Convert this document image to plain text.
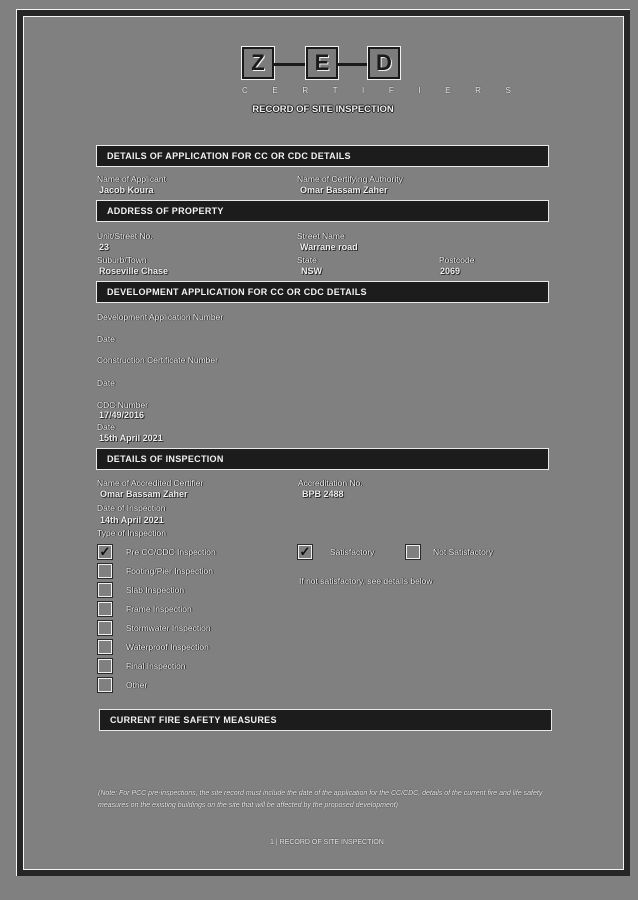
Z	E	D
C E R T I F I E R S
RECORD OF SITE INSPECTION
DETAILS OF APPLICATION FOR CC OR CDC DETAILS
Name of Applicant
Jacob Koura
Name of Certifying Authority
Omar Bassam Zaher
ADDRESS OF PROPERTY
Unit/Street No.
23
Street Name
Warrane road
Suburb/Town
Roseville Chase
State
NSW
Postcode
2069
DEVELOPMENT APPLICATION FOR CC OR CDC DETAILS
Development Application Number
Date
Construction Certificate Number
Date
CDC Number
17/49/2016
Date
15th April 2021
DETAILS OF INSPECTION
Name of Accredited Certifier
Omar Bassam Zaher
Accreditation No.
BPB 2488
Date of Inspection
14th April 2021
Type of Inspection
✓ Pre CC/CDC Inspection
Footing/Pier Inspection
Slab Inspection
Frame Inspection
Stormwater Inspection
Waterproof Inspection
Final Inspection
Other
✓ Satisfactory	Not Satisfactory
If not satisfactory, see details below
CURRENT FIRE SAFETY MEASURES
(Note: For PCC pre-inspections, the site record must include the date of the application for the CC/CDC, details of the current fire and life safety measures on the existing buildings on the site that will be affected by the proposed development)
1 | RECORD OF SITE INSPECTION
